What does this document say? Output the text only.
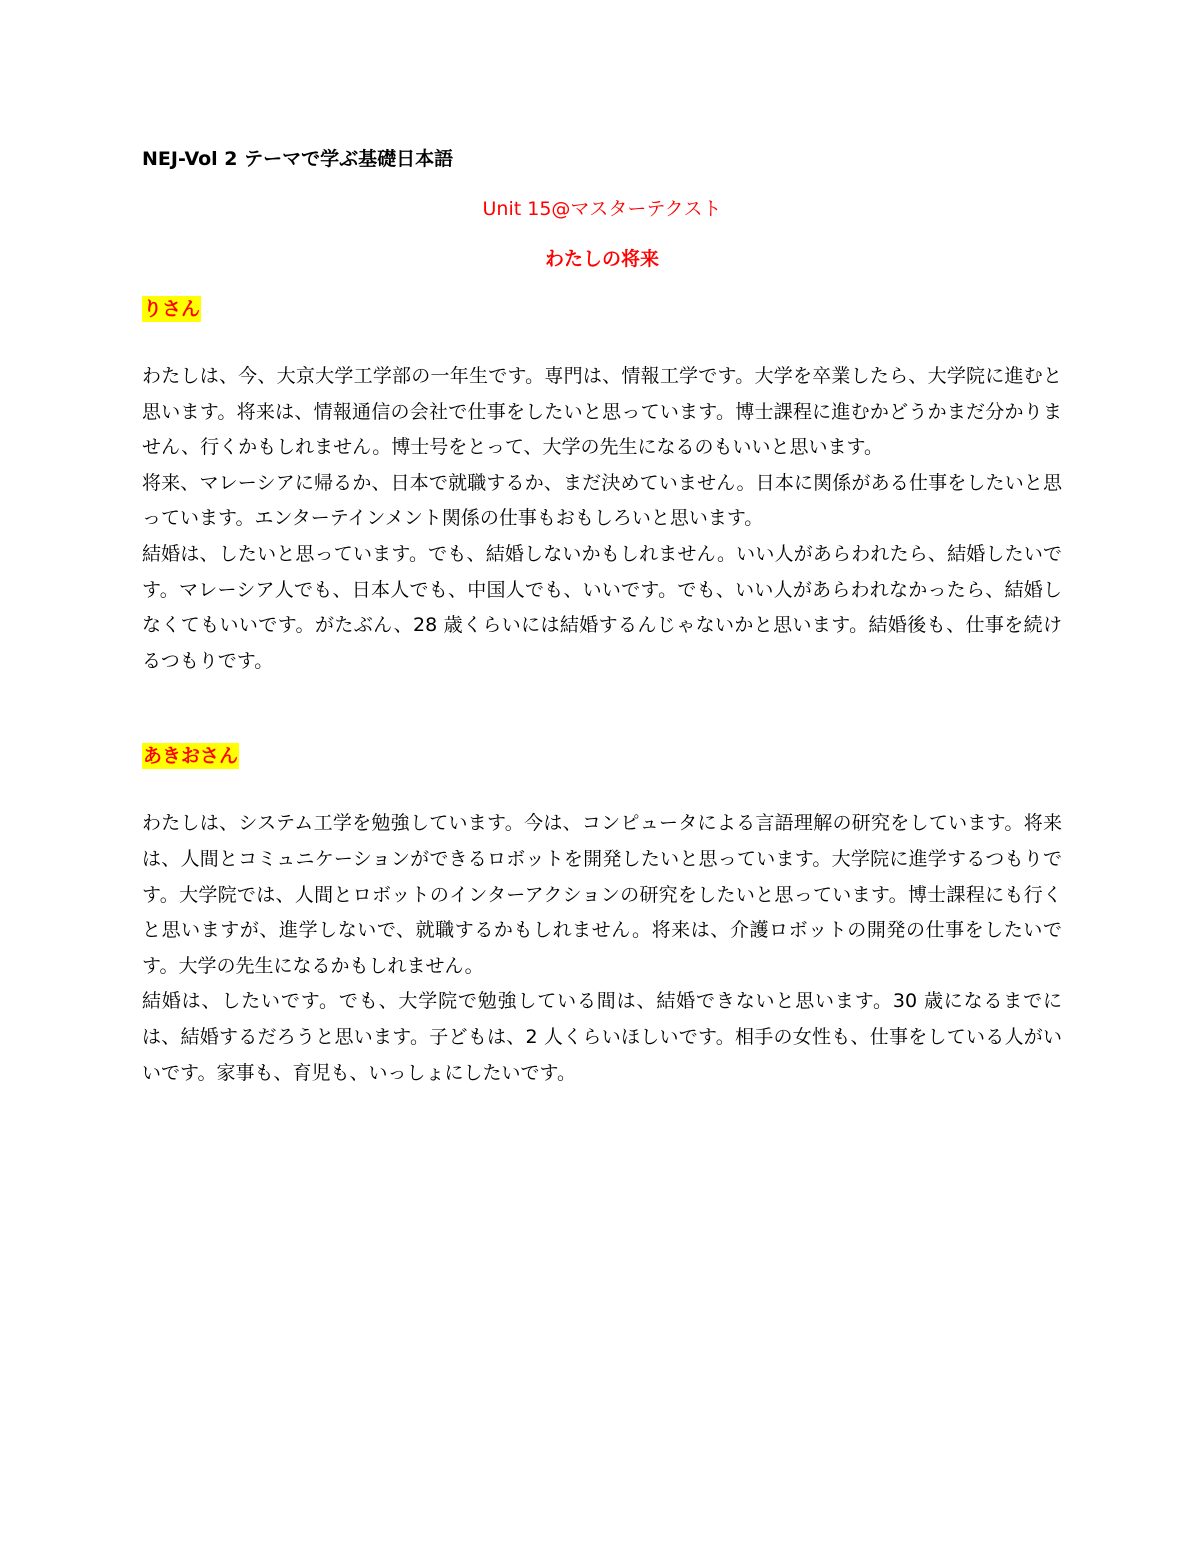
NEJ-Vol 2 テーマで学ぶ基礎日本語

Unit 15@マスターテクスト

わたしの将来

りさん

わたしは、今、大京大学工学部の一年生です。専門は、情報工学です。大学を卒業したら、大学院に進むと思います。将来は、情報通信の会社で仕事をしたいと思っています。博士課程に進むかどうかまだ分かりません、行くかもしれません。博士号をとって、大学の先生になるのもいいと思います。

将来、マレーシアに帰るか、日本で就職するか、まだ決めていません。日本に関係がある仕事をしたいと思っています。エンターテインメント関係の仕事もおもしろいと思います。

結婚は、したいと思っています。でも、結婚しないかもしれません。いい人があらわれたら、結婚したいです。マレーシア人でも、日本人でも、中国人でも、いいです。でも、いい人があらわれなかったら、結婚しなくてもいいです。がたぶん、28 歳くらいには結婚するんじゃないかと思います。結婚後も、仕事を続けるつもりです。

あきおさん

わたしは、システム工学を勉強しています。今は、コンピュータによる言語理解の研究をしています。将来は、人間とコミュニケーションができるロボットを開発したいと思っています。大学院に進学するつもりです。大学院では、人間とロボットのインターアクションの研究をしたいと思っています。博士課程にも行くと思いますが、進学しないで、就職するかもしれません。将来は、介護ロボットの開発の仕事をしたいです。大学の先生になるかもしれません。

結婚は、したいです。でも、大学院で勉強している間は、結婚できないと思います。30 歳になるまでには、結婚するだろうと思います。子どもは、2 人くらいほしいです。相手の女性も、仕事をしている人がいいです。家事も、育児も、いっしょにしたいです。
